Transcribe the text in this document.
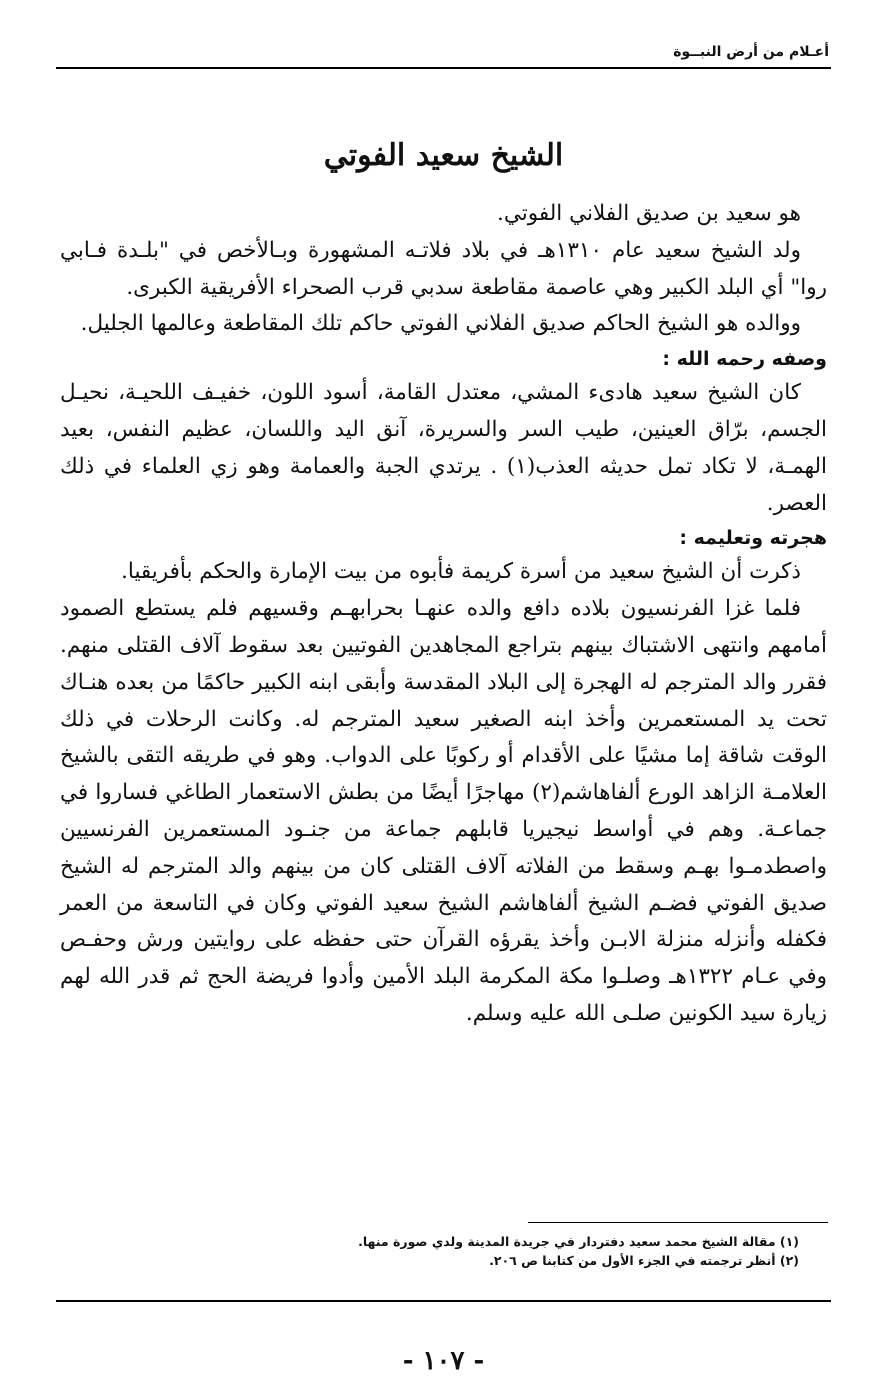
أعـلام من أرض النبــوة
الشيخ سعيد الفوتي

هو سعيد بن صديق الفلاني الفوتي.

ولد الشيخ سعيد عام ١٣١٠هـ في بلاد فلاتـه المشهورة وبـالأخص في "بلـدة فـابي روا" أي البلد الكبير وهي عاصمة مقاطعة سدبي قرب الصحراء الأفريقية الكبرى.

ووالده هو الشيخ الحاكم صديق الفلاني الفوتي حاكم تلك المقاطعة وعالمها الجليل.

وصفه رحمه الله :

كان الشيخ سعيد هادىء المشي، معتدل القامة، أسود اللون، خفيـف اللحيـة، نحيـل الجسم، برّاق العينين، طيب السر والسريرة، آنق اليد واللسان، عظيم النفس، بعيد الهمـة، لا تكاد تمل حديثه العذب(١) . يرتدي الجبة والعمامة وهو زي العلماء في ذلك العصر.

هجرته وتعليمه :

ذكرت أن الشيخ سعيد من أسرة كريمة فأبوه من بيت الإمارة والحكم بأفريقيا.

فلما غزا الفرنسيون بلاده دافع والده عنهـا بحرابهـم وقسيهم فلم يستطع الصمود أمامهم وانتهى الاشتباك بينهم بتراجع المجاهدين الفوتيين بعد سقوط آلاف القتلى منهم. فقرر والد المترجم له الهجرة إلى البلاد المقدسة وأبقى ابنه الكبير حاكمًا من بعده هنـاك تحت يد المستعمرين وأخذ ابنه الصغير سعيد المترجم له. وكانت الرحلات في ذلك الوقت شاقة إما مشيًا على الأقدام أو ركوبًا على الدواب. وهو في طريقه التقى بالشيخ العلامـة الزاهد الورع ألفاهاشم(٢) مهاجرًا أيضًا من بطش الاستعمار الطاغي فساروا في جماعـة. وهم في أواسط نيجيريا قابلهم جماعة من جنـود المستعمرين الفرنسيين واصطدمـوا بهـم وسقط من الفلاته آلاف القتلى كان من بينهم والد المترجم له الشيخ صديق الفوتي فضـم الشيخ ألفاهاشم الشيخ سعيد الفوتي وكان في التاسعة من العمر فكفله وأنزله منزلة الابـن وأخذ يقرؤه القرآن حتى حفظه على روايتين ورش وحفـص وفي عـام ١٣٢٢هـ وصلـوا مكة المكرمة البلد الأمين وأدوا فريضة الحج ثم قدر الله لهم زيارة سيد الكونين صلـى الله عليه وسلم.

(١) مقالة الشيخ محمد سعيد دفتردار في جريدة المدينة ولدي صورة منها.

(٢) أنظر ترجمته في الجزء الأول من كتابنا ص ٢٠٦.

- ١٠٧ -
